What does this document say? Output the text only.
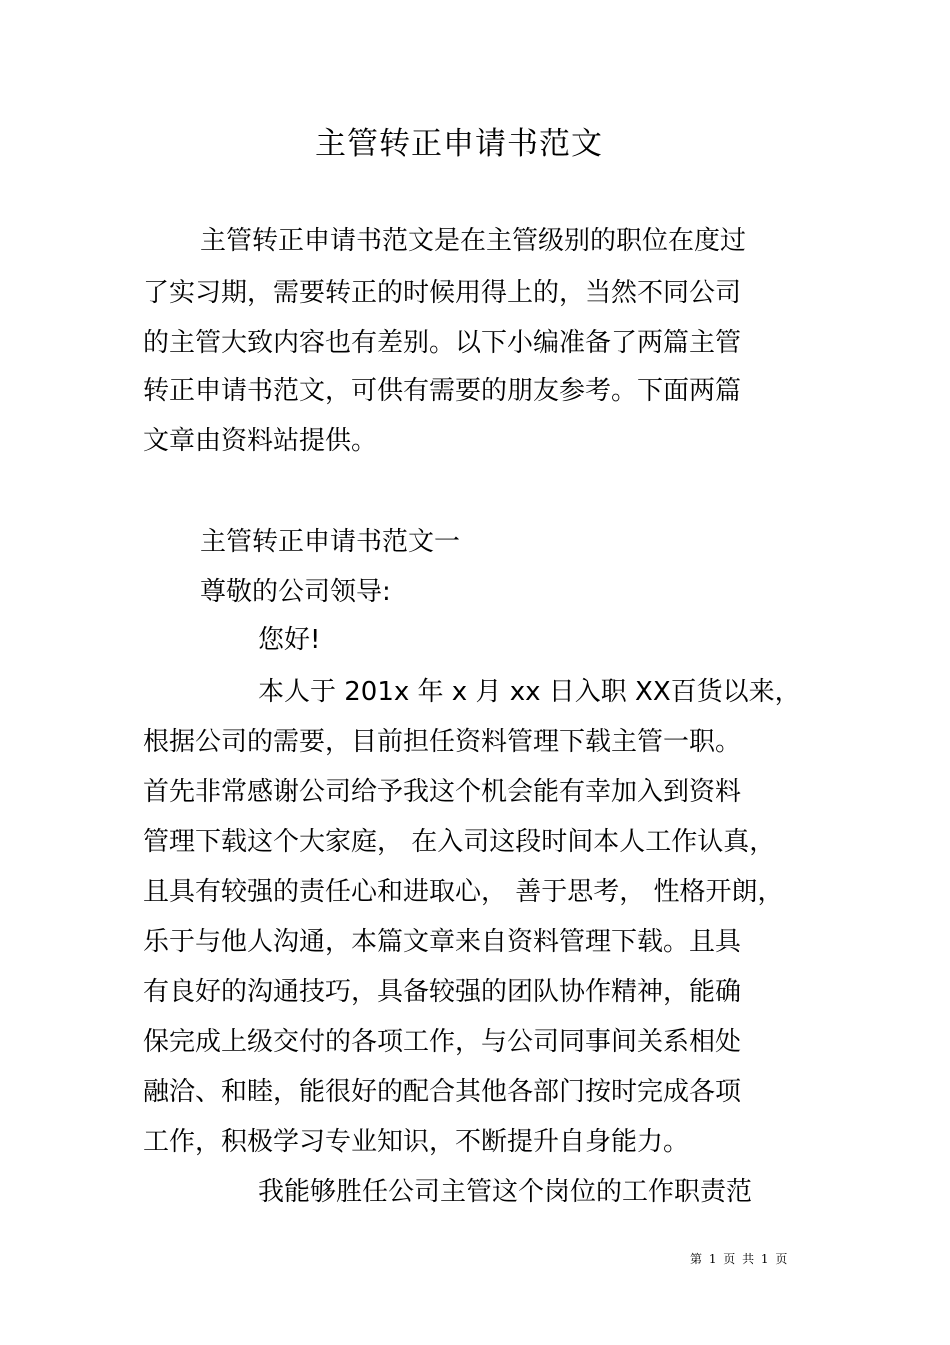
主管转正申请书范文
主管转正申请书范文是在主管级别的职位在度过
了实习期，需要转正的时候用得上的，当然不同公司
的主管大致内容也有差别。以下小编准备了两篇主管
转正申请书范文，可供有需要的朋友参考。下面两篇
文章由资料站提供。
主管转正申请书范文一
尊敬的公司领导:
您好!
本人于 201x 年 x 月 xx 日入职 XX百货以来，
根据公司的需要，目前担任资料管理下载主管一职。
首先非常感谢公司给予我这个机会能有幸加入到资料
管理下载这个大家庭， 在入司这段时间本人工作认真，
且具有较强的责任心和进取心， 善于思考， 性格开朗，
乐于与他人沟通，本篇文章来自资料管理下载。且具
有良好的沟通技巧，具备较强的团队协作精神，能确
保完成上级交付的各项工作，与公司同事间关系相处
融洽、和睦，能很好的配合其他各部门按时完成各项
工作，积极学习专业知识，不断提升自身能力。
我能够胜任公司主管这个岗位的工作职责范
第 1 页 共 1 页
